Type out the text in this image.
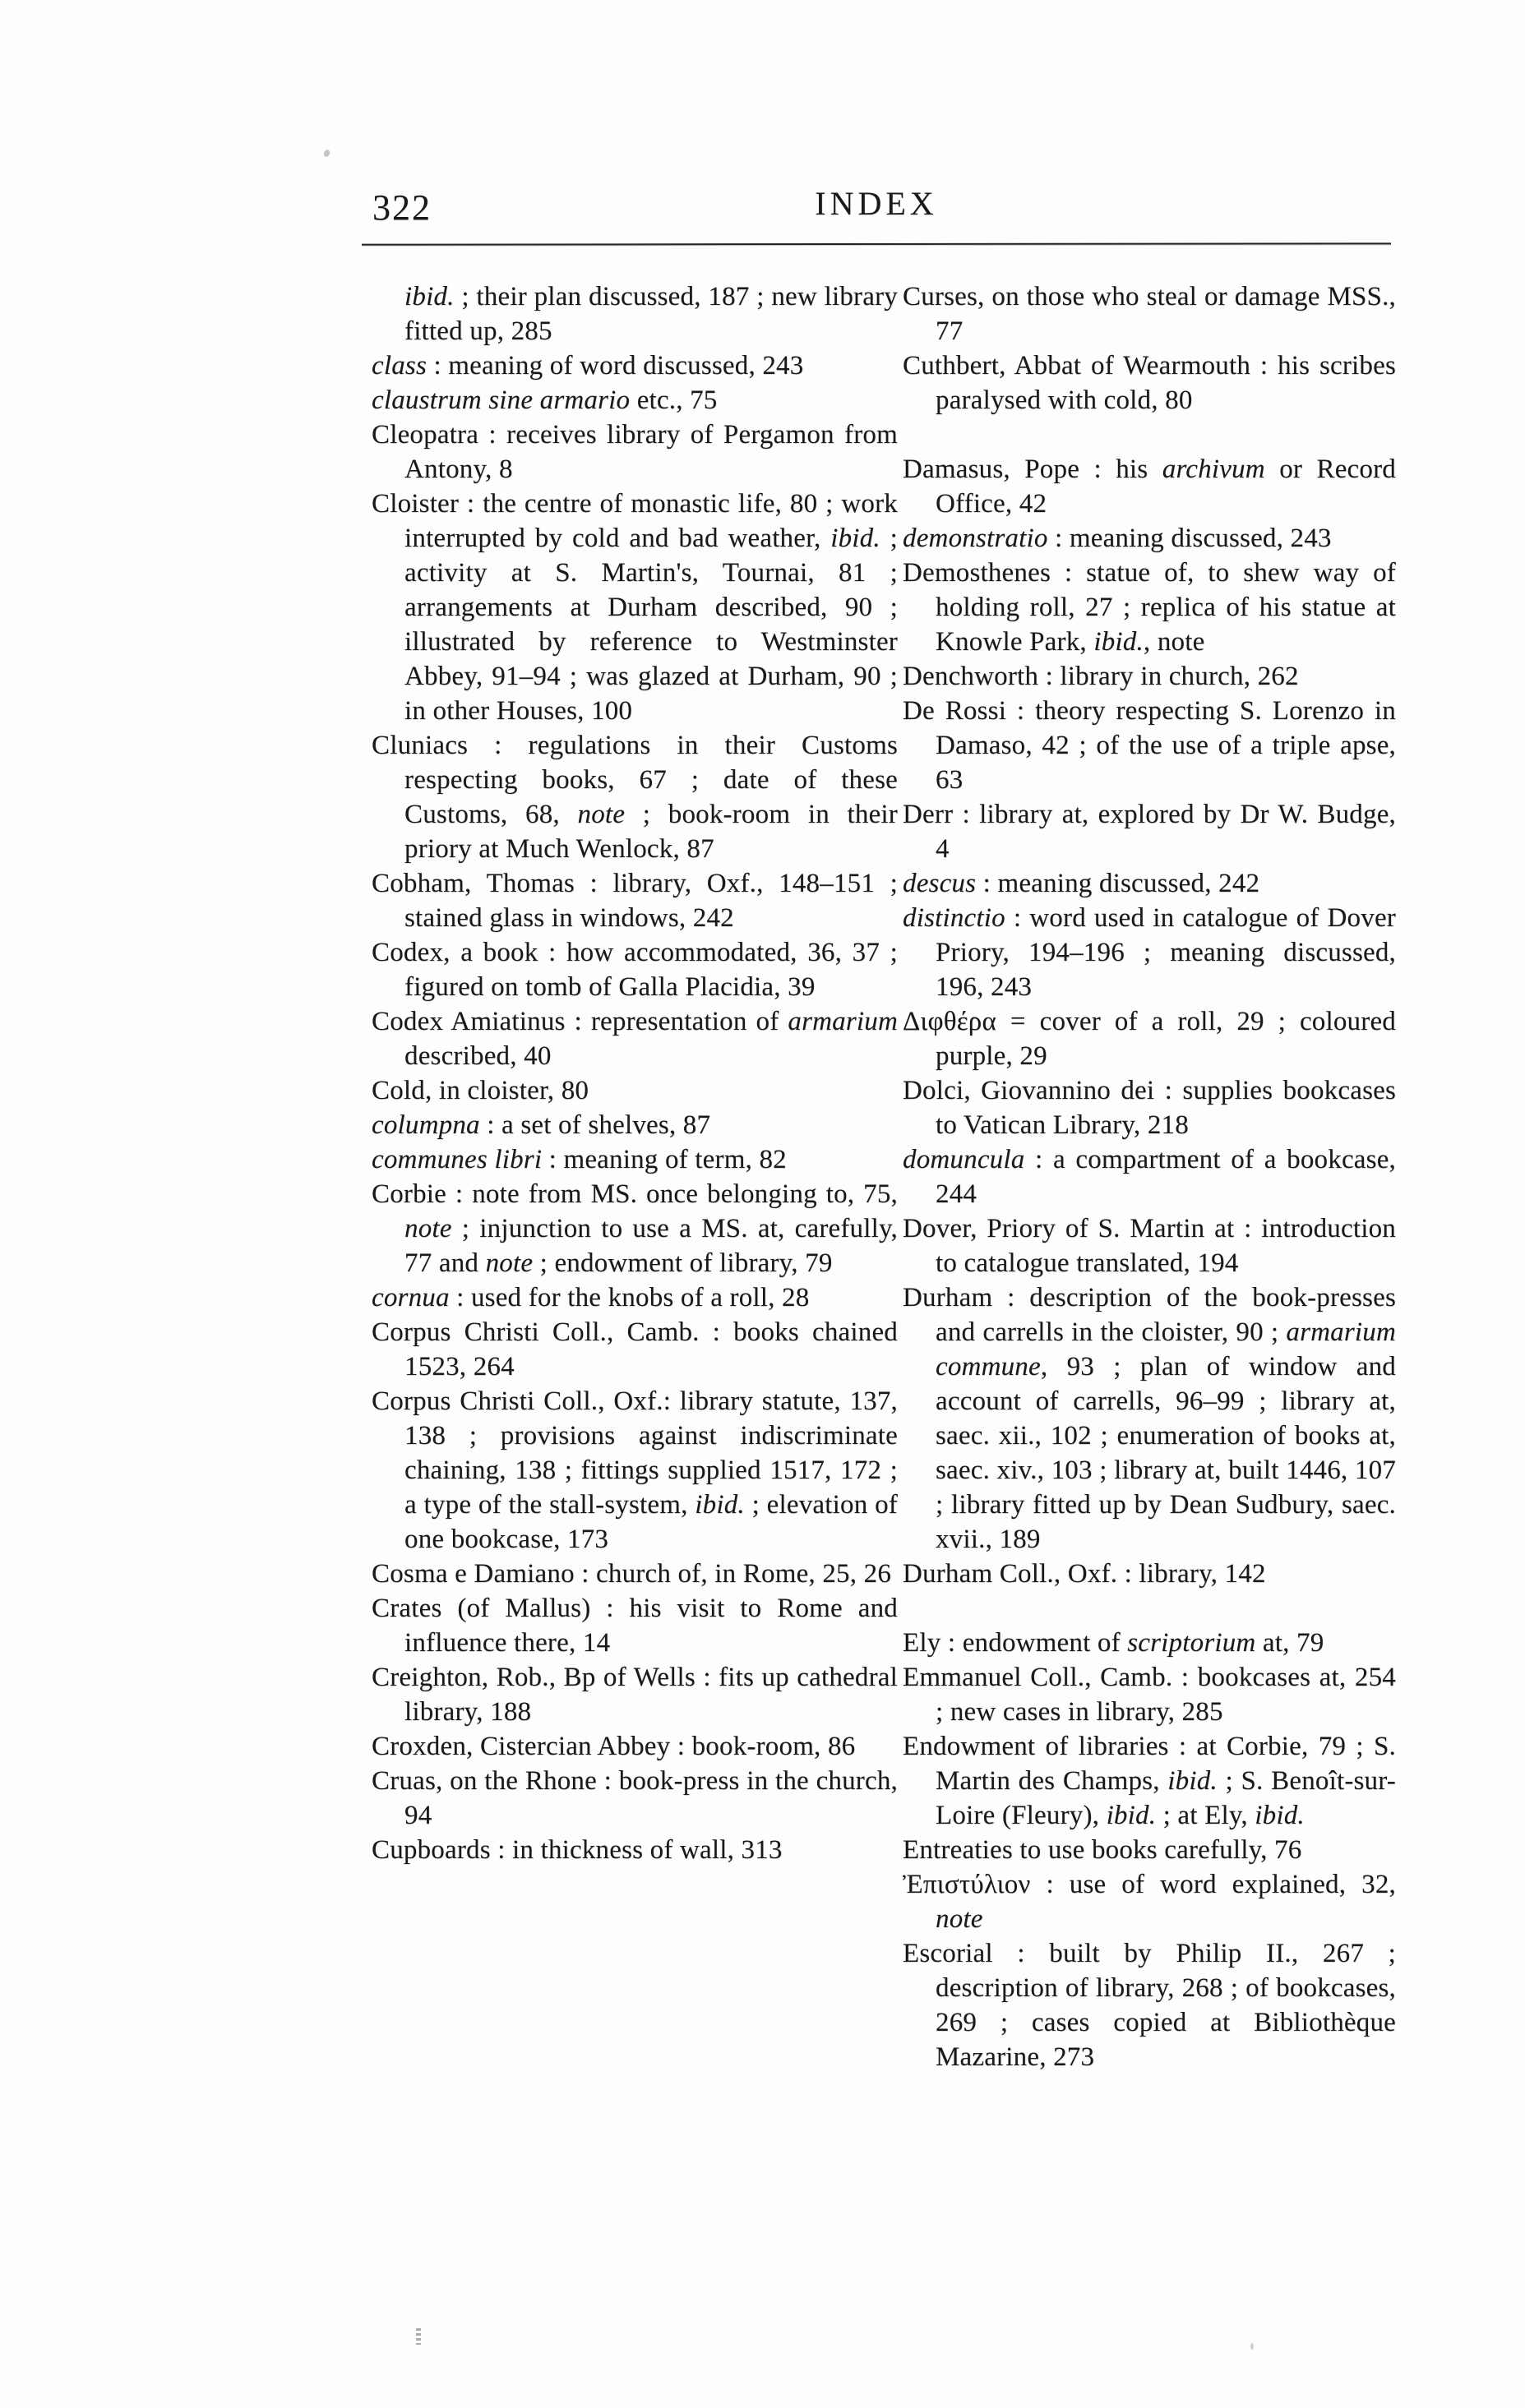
322	INDEX

ibid. ; their plan discussed, 187 ; new library fitted up, 285

class : meaning of word discussed, 243

claustrum sine armario etc., 75

Cleopatra : receives library of Pergamon from Antony, 8

Cloister : the centre of monastic life, 80 ; work interrupted by cold and bad weather, ibid. ; activity at S. Martin's, Tournai, 81 ; arrangements at Durham described, 90 ; illustrated by reference to Westminster Abbey, 91–94 ; was glazed at Durham, 90 ; in other Houses, 100

Cluniacs : regulations in their Customs respecting books, 67 ; date of these Customs, 68, note ; book-room in their priory at Much Wenlock, 87

Cobham, Thomas : library, Oxf., 148–151 ; stained glass in windows, 242

Codex, a book : how accommodated, 36, 37 ; figured on tomb of Galla Placidia, 39

Codex Amiatinus : representation of armarium described, 40

Cold, in cloister, 80

columpna : a set of shelves, 87

communes libri : meaning of term, 82

Corbie : note from MS. once belonging to, 75, note ; injunction to use a MS. at, carefully, 77 and note ; endowment of library, 79

cornua : used for the knobs of a roll, 28

Corpus Christi Coll., Camb. : books chained 1523, 264

Corpus Christi Coll., Oxf.: library statute, 137, 138 ; provisions against indiscriminate chaining, 138 ; fittings supplied 1517, 172 ; a type of the stall-system, ibid. ; elevation of one bookcase, 173

Cosma e Damiano : church of, in Rome, 25, 26

Crates (of Mallus) : his visit to Rome and influence there, 14

Creighton, Rob., Bp of Wells : fits up cathedral library, 188

Croxden, Cistercian Abbey : book-room, 86

Cruas, on the Rhone : book-press in the church, 94

Cupboards : in thickness of wall, 313

Curses, on those who steal or damage MSS., 77

Cuthbert, Abbat of Wearmouth : his scribes paralysed with cold, 80

Damasus, Pope : his archivum or Record Office, 42

demonstratio : meaning discussed, 243

Demosthenes : statue of, to shew way of holding roll, 27 ; replica of his statue at Knowle Park, ibid., note

Denchworth : library in church, 262

De Rossi : theory respecting S. Lorenzo in Damaso, 42 ; of the use of a triple apse, 63

Derr : library at, explored by Dr W. Budge, 4

descus : meaning discussed, 242

distinctio : word used in catalogue of Dover Priory, 194–196 ; meaning discussed, 196, 243

Διφθέρα = cover of a roll, 29 ; coloured purple, 29

Dolci, Giovannino dei : supplies bookcases to Vatican Library, 218

domuncula : a compartment of a bookcase, 244

Dover, Priory of S. Martin at : introduction to catalogue translated, 194

Durham : description of the book-presses and carrells in the cloister, 90 ; armarium commune, 93 ; plan of window and account of carrells, 96–99 ; library at, saec. xii., 102 ; enumeration of books at, saec. xiv., 103 ; library at, built 1446, 107 ; library fitted up by Dean Sudbury, saec. xvii., 189

Durham Coll., Oxf. : library, 142

Ely : endowment of scriptorium at, 79

Emmanuel Coll., Camb. : bookcases at, 254 ; new cases in library, 285

Endowment of libraries : at Corbie, 79 ; S. Martin des Champs, ibid. ; S. Benoît-sur-Loire (Fleury), ibid. ; at Ely, ibid.

Entreaties to use books carefully, 76

Ἐπιστύλιον : use of word explained, 32, note

Escorial : built by Philip II., 267 ; description of library, 268 ; of bookcases, 269 ; cases copied at Bibliothèque Mazarine, 273
